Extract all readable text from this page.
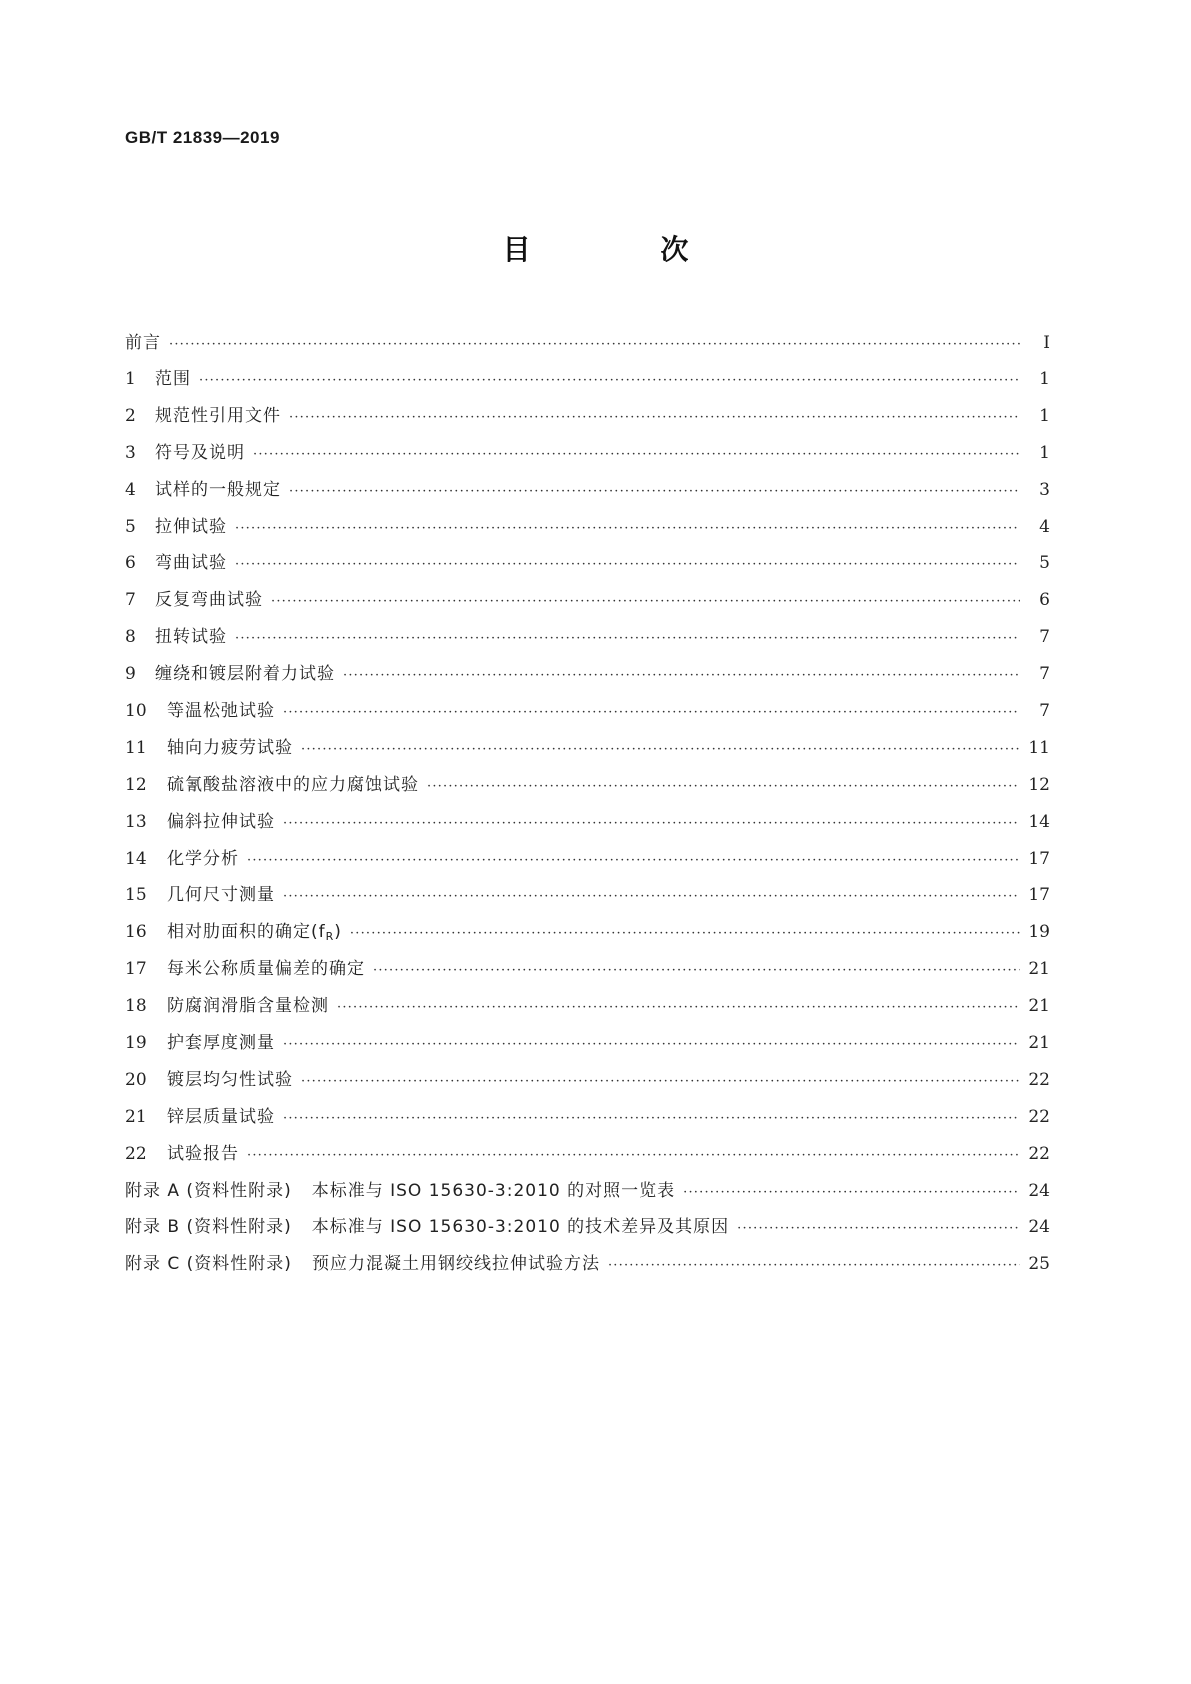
GB/T 21839—2019
目 次
前言 ·····	Ⅰ
1	范围 ·····	1
2	规范性引用文件 ·····	1
3	符号及说明 ·····	1
4	试样的一般规定 ·····	3
5	拉伸试验 ·····	4
6	弯曲试验 ·····	5
7	反复弯曲试验 ·····	6
8	扭转试验 ·····	7
9	缠绕和镀层附着力试验 ·····	7
10	等温松弛试验 ·····	7
11	轴向力疲劳试验 ·····	11
12	硫氰酸盐溶液中的应力腐蚀试验 ·····	12
13	偏斜拉伸试验 ·····	14
14	化学分析 ·····	17
15	几何尺寸测量 ·····	17
16	相对肋面积的确定$(f_R)$ ·····	19
17	每米公称质量偏差的确定 ·····	21
18	防腐润滑脂含量检测 ·····	21
19	护套厚度测量 ·····	21
20	镀层均匀性试验 ·····	22
21	锌层质量试验 ·····	22
22	试验报告 ·····	22
附录 A (资料性附录) 本标准与 ISO 15630-3:2010 的对照一览表 ·····	24
附录 B (资料性附录) 本标准与 ISO 15630-3:2010 的技术差异及其原因 ·····	24
附录 C (资料性附录) 预应力混凝土用钢绞线拉伸试验方法 ·····	25
